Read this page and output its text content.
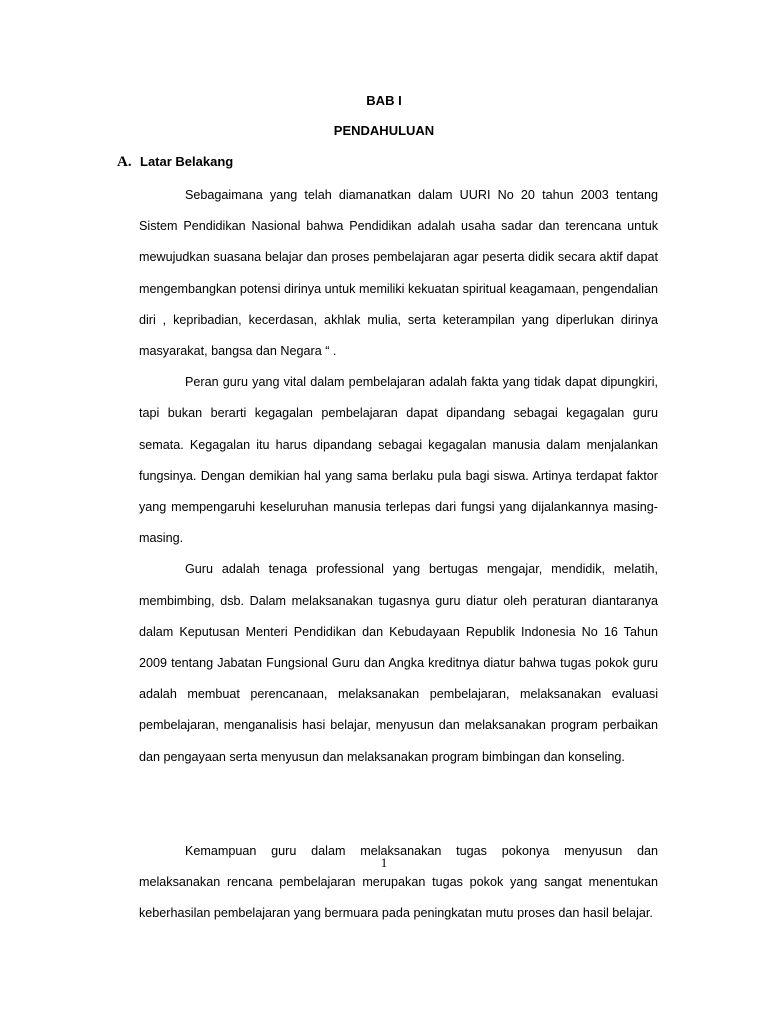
BAB I
PENDAHULUAN
A. Latar Belakang

Sebagaimana yang telah diamanatkan dalam UURI No 20 tahun 2003 tentang Sistem Pendidikan Nasional bahwa Pendidikan adalah usaha sadar dan terencana untuk mewujudkan suasana belajar dan proses pembelajaran agar peserta didik secara aktif dapat mengembangkan potensi dirinya untuk memiliki kekuatan spiritual keagamaan, pengendalian diri , kepribadian, kecerdasan, akhlak mulia, serta keterampilan yang diperlukan dirinya masyarakat, bangsa dan Negara “ .

Peran guru yang vital dalam pembelajaran adalah fakta yang tidak dapat dipungkiri, tapi bukan berarti kegagalan pembelajaran dapat dipandang sebagai kegagalan guru semata. Kegagalan itu harus dipandang sebagai kegagalan manusia dalam menjalankan fungsinya. Dengan demikian hal yang sama berlaku pula bagi siswa. Artinya terdapat faktor yang mempengaruhi keseluruhan manusia terlepas dari fungsi yang dijalankannya masing-masing.

Guru adalah tenaga professional yang bertugas mengajar, mendidik, melatih, membimbing, dsb. Dalam melaksanakan tugasnya guru diatur oleh peraturan diantaranya dalam Keputusan Menteri Pendidikan dan Kebudayaan Republik Indonesia No 16 Tahun 2009 tentang Jabatan Fungsional Guru dan Angka kreditnya diatur bahwa tugas pokok guru adalah membuat perencanaan, melaksanakan pembelajaran, melaksanakan evaluasi pembelajaran, menganalisis hasi belajar, menyusun dan melaksanakan program perbaikan dan pengayaan serta menyusun dan melaksanakan program bimbingan dan konseling.

Kemampuan guru dalam melaksanakan tugas pokonya menyusun dan melaksanakan rencana pembelajaran merupakan tugas pokok yang sangat menentukan keberhasilan pembelajaran yang bermuara pada peningkatan mutu proses dan hasil belajar.

1
